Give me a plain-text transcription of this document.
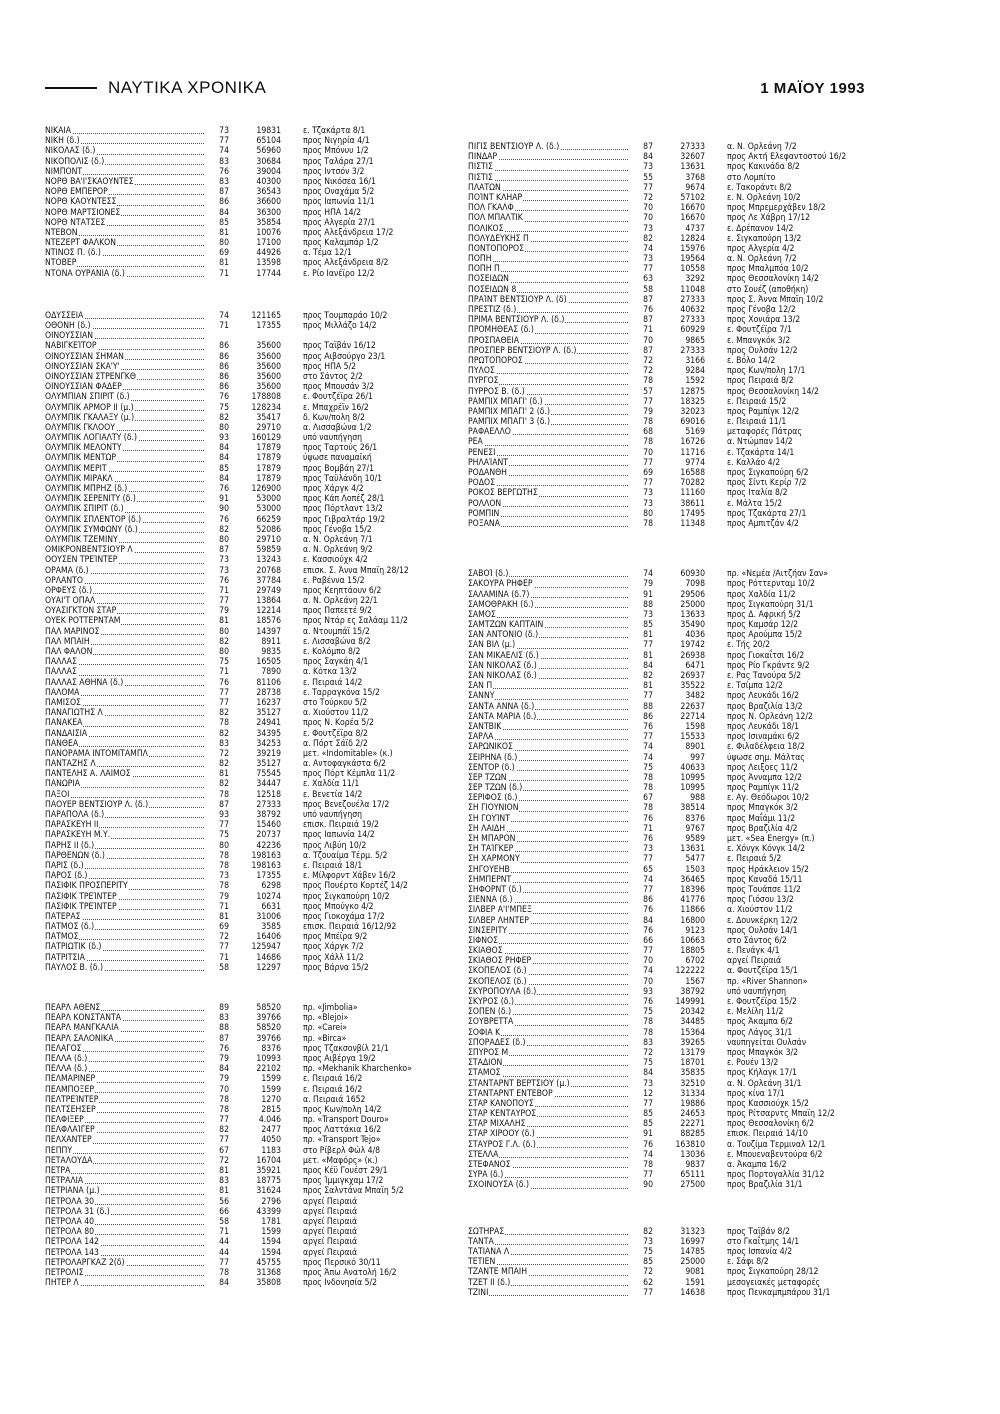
ΝΑΥΤΙΚΑ ΧΡΟΝΙΚΑ	1 ΜΑΪΟΥ 1993
ΝΙΚΑΙΑ	73	19831	ε. Τζακάρτα 8/1
ΝΙΚΗ (δ.)	77	65104	προς Νιγηρία 4/1
ΝΙΚΟΛΑΣ (δ.)	74	56960	προς Μπόνυυ 1/2
ΝΙΚΟΠΟΛΙΣ (δ.)	83	30684	προς Ταλάρα 27/1
ΝΙΜΠΟΝΤ	76	39004	προς Ιντσόν 3/2
ΝΟΡΘ ΒΑ'Ι'ΣΚΑΟΥΝΤΕΣ	83	40300	προς Νικόσεα 16/1
ΝΟΡΘ ΕΜΠΕΡΟΡ	87	36543	προς Οναχάμα 5/2
ΝΟΡΘ ΚΑΟΥΝΤΕΣΣ	86	36600	προς Ιαπωνία 11/1
ΝΟΡΘ ΜΑΡΤΣΙΟΝΕΣ	84	36300	προς ΗΠΑ 14/2
ΝΟΡΘ ΝΤΑΤΣΕΣ	85	35854	προς Αλγερία 27/1
ΝΤΕΒΟΝ	81	10076	προς Αλεξάνδρεια 17/2
ΝΤΕΖΕΡΤ ΦΑΛΚΟΝ	80	17100	προς Καλαμπάρ 1/2
ΝΤΙΝΟΣ Π. (δ.)	69	44926	α. Τέμα 12/1
ΝΤΟΒΕΡ	81	13598	προς Αλεξάνδρεια 8/2
ΝΤΟΝΑ ΟΥΡΑΝΙΑ (δ.)	71	17744	ε. Ρίο Ιανέϊρο 12/2
ΟΔΥΣΣΕΙΑ	74	121165	προς Τουμπαράο 10/2
ΟΘΟΝΗ (δ.)	71	17355	προς Μιλλάζο 14/2
ΟΙΝΟΥΣΣΙΑΝ
ΝΑΒΙΓΚΕΊΤΟΡ	86	35600	προς Ταϊβάν 16/12
ΟΙΝΟΥΣΣΙΑΝ ΣΗΜΑΝ	86	35600	προς Αιβσούργο 23/1
ΟΙΝΟΥΣΣΙΑΝ ΣΚΑ'Ϋ'	86	35600	προς ΗΠΑ 5/2
ΟΙΝΟΥΣΣΙΑΝ ΣΤΡΕΝΓΚΘ	86	35600	στο Σάντος 2/2
ΟΙΝΟΥΣΣΙΑΝ ΦΑΔΕΡ	86	35600	προς Μπουσάν 3/2
ΟΛΥΜΠΙΑΝ ΣΠΙΡΙΤ (δ.)	76	178808	ε. Φουτζέϊρα 26/1
ΟΛΥΜΠΙΚ ΑΡΜΟΡ ΙΙ (μ.)	75	128234	ε. Μπαχρέϊν 16/2
ΟΛΥΜΠΙΚ ΓΚΑΛΑΞΥ (μ.)	82	35417	δ. Κων/πολη 8/2
ΟΛΥΜΠΙΚ ΓΚΛΟΟΥ	80	29710	α. Λισσαβώνα 1/2
ΟΛΥΜΠΙΚ ΛΟΓΙΑΛΤΥ (δ.)	93	160129	υπό ναυπήγηση
ΟΛΥΜΠΙΚ ΜΕΛΟΝΤΥ	84	17879	προς Ταρτούς 26/1
ΟΛΥΜΠΙΚ ΜΕΝΤΩΡ	84	17879	ύψωσε παναμαϊκή
ΟΛΥΜΠΙΚ ΜΕΡΙΤ	85	17879	προς Βομβάη 27/1
ΟΛΥΜΠΙΚ ΜΙΡΑΚΛ	84	17879	προς Ταϋλάνδη 10/1
ΟΛΥΜΠΙΚ ΜΠΡΗΖ (δ.)	76	126900	προς Χάργκ 4/2
ΟΛΥΜΠΙΚ ΣΕΡΕΝΙΤΥ (δ.)	91	53000	προς Κάπ Λοπέζ 28/1
ΟΛΥΜΠΙΚ ΣΠΙΡΙΤ (δ.)	90	53000	προς Πόρτλαντ 13/2
ΟΛΥΜΠΙΚ ΣΠΛΕΝΤΟΡ (δ.)	76	66259	προς Γιβραλτάρ 19/2
ΟΛΥΜΠΙΚ ΣΥΜΦΩΝΥ (δ.)	82	52086	προς Γένοβα 15/2
ΟΛΥΜΠΙΚ ΤΖΕΜΙΝΥ	80	29710	α. Ν. Ορλεάνη 7/1
ΟΜΙΚΡΟΝΒΕΝΤΣΙΟΥΡ Λ	87	59859	α. Ν. Ορλεάνη 9/2
ΟΟΥΣΕΝ ΤΡΕΊΝΤΕΡ	73	13243	ε. Κασσιούχκ 4/2
ΟΡΑΜΑ (δ.)	73	20768	επισκ. Σ. Άννα Μπαϊη 28/12
ΟΡΛΑΝΤΟ	76	37784	ε. Ραβέννα 15/2
ΟΡΦΕΥΣ (δ.)	71	29749	προς Κεηπτάουν 6/2
ΟΥΑΙ'Τ ΟΠΑΛ	77	13864	α. Ν. Ορλεάνη 22/1
ΟΥΑΣΙΓΚΤΟΝ ΣΤΑΡ	79	12214	προς Παπεετέ 9/2
ΟΥΕΚ ΡΟΤΤΕΡΝΤΑΜ	81	18576	προς Ντάρ ες Σαλάαμ 11/2
ΠΑΛ ΜΑΡΙΝΟΣ	80	14397	α. Ντουμπάϊ 15/2
ΠΑΛ ΜΠΑΙΗ	82	8911	ε. Λισσαβώνα 8/2
ΠΑΛ ΦΑΛΟΝ	80	9835	ε. Κολόμπο 8/2
ΠΑΛΛΑΣ	75	16505	προς Σαγκάη 4/1
ΠΑΛΛΑΣ	71	7890	α. Κότκα 13/2
ΠΑΛΛΑΣ ΑΘΗΝΑ (δ.)	76	81106	ε. Πειραιά 14/2
ΠΑΛΟΜΑ	77	28738	ε. Ταρραγκόνα 15/2
ΠΑΜΙΣΟΣ	77	16237	στο Τούρκου 5/2
ΠΑΝΑΓΙΩΤΗΣ Λ	82	35127	α. Χιούστον 11/2
ΠΑΝΑΚΕΑ	78	24941	προς Ν. Κορέα 5/2
ΠΑΝΔΑΙΣΙΑ	82	34395	ε. Φουτζέϊρα 8/2
ΠΑΝΘΕΑ	83	34253	α. Πόρτ Σάϊδ 2/2
ΠΑΝΟΡΑΜΑ ΙΝΤΟΜΙΤΑΜΠΛ	72	39219	μετ. «Indomitable» (κ.)
ΠΑΝΤΑΖΗΣ Λ	82	35127	α. Αντοφαγκάστα 6/2
ΠΑΝΤΕΛΗΣ Α. ΛΑΙΜΟΣ	81	75545	προς Πόρτ Κέμπλα 11/2
ΠΑΝΩΡΙΑ	82	34447	ε. Χαλδία 11/1
ΠΑΞΟΙ	78	12518	ε. Βενετία 14/2
ΠΑΟΥΕΡ ΒΕΝΤΣΙΟΥΡ Λ. (δ.)	87	27333	προς Βενεζουέλα 17/2
ΠΑΡΑΠΟΛΑ (δ.)	93	38792	υπό ναυπήγηση
ΠΑΡΑΣΚΕΥΗ ΙΙ	77	15460	επισκ. Πειραιά 19/2
ΠΑΡΑΣΚΕΥΗ Μ.Υ.	75	20737	προς Ιαπωνία 14/2
ΠΑΡΗΣ ΙΙ (δ.)	80	42236	προς Λιβύη 10/2
ΠΑΡΘΕΝΩΝ (δ.)	78	198163	α. Τζουαίμα Τέρμ. 5/2
ΠΑΡΙΣ (δ.)	78	198163	ε. Πειραιά 18/1
ΠΑΡΟΣ (δ.)	73	17355	ε. Μίλφορντ Χάβεν 16/2
ΠΑΣΙΦΙΚ ΠΡΟΣΠΕΡΙΤΥ	78	6298	προς Πουέρτο Κορτέζ 14/2
ΠΑΣΙΦΙΚ ΤΡΕΊΝΤΕΡ	79	10274	προς Σιγκαπούρη 10/2
ΠΑΣΙΦΙΚ ΤΡΕΊΝΤΕΡ	71	6631	προς Μπούγκο 4/2
ΠΑΤΕΡΑΣ	81	31006	προς Γιοκοχάμα 17/2
ΠΑΤΜΟΣ (δ.)	69	3585	επισκ. Πειραιά 16/12/92
ΠΑΤΜΟΣ	72	16406	προς Μπέϊρα 9/2
ΠΑΤΡΙΩΤΙΚ (δ.)	77	125947	προς Χάργκ 7/2
ΠΑΤΡΙΤΣΙΑ	71	14686	προς Χάλλ 11/2
ΠΑΥΛΟΣ Β. (δ.)	58	12297	προς Βάρνα 15/2
ΠΕΑΡΛ ΑΘΕΝΣ	89	58520	πρ. «Jimbolia»
ΠΕΑΡΛ ΚΟΝΣΤΑΝΤΑ	83	39766	πρ. «Blejoi»
ΠΕΑΡΛ ΜΑΝΓΚΑΛΙΑ	88	58520	πρ. «Carei»
ΠΕΑΡΛ ΣΑΛΟΝΙΚΑ	87	39766	πρ. «Birca»
ΠΕΛΑΓΟΣ	76	8376	προς Τζακσονβίλ 21/1
ΠΕΛΛΑ (δ.)	79	10993	προς Αιβέργα 19/2
ΠΕΛΛΑ (δ.)	84	22102	πρ. «Mekhanik Kharchenko»
ΠΕΛΜΑΡΙΝΕΡ	79	1599	ε. Πειραιά 16/2
ΠΕΛΜΠΟΞΕΡ	70	1599	ε. Πειραιά 16/2
ΠΕΛΤΡΕΊΝΤΕΡ	78	1270	α. Πειραιά 1652
ΠΕΛΤΣΕΗΣΕΡ	78	2815	προς Κων/πολη 14/2
ΠΕΛΦΙΞΕΡ	77	4.046	πρ. «Transport Douro»
ΠΕΛΦΛΑΊΓΕΡ	82	2477	προς Λαττάκια 16/2
ΠΕΛΧΑΝΤΕΡ	77	4050	πρ. «Transport Tejo»
ΠΕΠΠΥ	67	1183	στο Ρίβερλ Φώλ 4/8
ΠΕΤΑΛΟΥΔΑ	72	16704	μετ. «Μαφόρς» (κ.)
ΠΕΤΡΑ	81	35921	προς Κέϋ Γουέστ 29/1
ΠΕΤΡΑΛΙΑ	83	18775	προς Ίμμιγκχαμ 17/2
ΠΕΤΡΙΑΝΑ (μ.)	81	31624	προς Σαλντάνα Μπαϊη 5/2
ΠΕΤΡΟΛΑ 30	56	2796	αργεί Πειραιά
ΠΕΤΡΟΛΑ 31 (δ.)	66	43399	αργεί Πειραιά
ΠΕΤΡΟΛΑ 40	58	1781	αργεί Πειραιά
ΠΕΤΡΟΛΑ 80	71	1599	αργεί Πειραιά
ΠΕΤΡΟΛΑ 142	44	1594	αργεί Πειραιά
ΠΕΤΡΟΛΑ 143	44	1594	αργεί Πειραιά
ΠΕΤΡΟΛΑΡΓΚΑΖ 2(δ)	77	45755	προς Περσικό 30/11
ΠΕΤΡΟΛΙΣ	78	31368	προς Άπω Ανατολή 16/2
ΠΗΤΕΡ Λ	84	35808	προς Ινδονησία 5/2
ΠΙΓΙΣ ΒΕΝΤΣΙΟΥΡ Λ. (δ.)	87	27333	α. Ν. Ορλεάνη 7/2
ΠΙΝΔΑΡ	84	32607	προς Ακτή Ελεφαντοστού 16/2
ΠΙΣΤΙΣ	73	13631	προς Κακινάδα 8/2
ΠΙΣΤΙΣ	55	3768	στο Λομπίτο
ΠΛΑΤΩΝ	77	9674	ε. Τακοράντι 8/2
ΠΟΊΝΤ ΚΛΗΑΡ	72	57102	ε. Ν. Ορλεάνη 10/2
ΠΟΛ ΓΚΑΛΦ	70	16670	προς Μπρεμερχάβεν 18/2
ΠΟΛ ΜΠΑΛΤΙΚ	70	16670	προς Λε Χάβρη 17/12
ΠΟΛΙΚΟΣ	73	4737	ε. Δρέπανον 14/2
ΠΟΛΥΔΕΥΚΗΣ Π	82	12824	ε. Σιγκαπούρη 13/2
ΠΟΝΤΟΠΟΡΟΣ	74	15976	προς Αλγερία 4/2
ΠΟΠΗ	73	19564	α. Ν. Ορλεάνη 7/2
ΠΟΠΗ Π	77	10558	προς Μπαλμπόα 10/2
ΠΟΣΕΙΔΩΝ	63	3292	προς Θεσσαλονίκη 14/2
ΠΟΣΕΙΔΩΝ 8	58	11048	στο Σουέζ (αποθήκη)
ΠΡΑΊΝΤ ΒΕΝΤΣΙΟΥΡ Λ. (δ)	87	27333	προς Σ. Άννα Μπαϊη 10/2
ΠΡΕΣΤΙΖ (δ.)	76	40632	προς Γένοβα 12/2
ΠΡΙΜΑ ΒΕΝΤΣΙΟΥΡ Λ. (δ.)	87	27333	προς Χονιάρα 13/2
ΠΡΟΜΗΘΕΑΣ (δ.)	71	60929	ε. Φουτζέϊρα 7/1
ΠΡΟΣΠΑΘΕΙΑ	70	9865	ε. Μπανγκόκ 3/2
ΠΡΟΣΠΕΡ ΒΕΝΤΣΙΟΥΡ Λ. (δ.)	87	27333	προς Ουλσάν 12/2
ΠΡΩΤΟΠΟΡΟΣ	72	3166	ε. Βόλο 14/2
ΠΥΛΟΣ	72	9284	προς Κων/πολη 17/1
ΠΥΡΓΟΣ	78	1592	προς Πειραιά 8/2
ΠΥΡΡΟΣ Β. (δ.)	57	12875	προς Θεσσαλονίκη 14/2
ΡΑΜΠΙΧ ΜΠΑΓΙ' (δ.)	77	18325	ε. Πειραιά 15/2
ΡΑΜΠΙΧ ΜΠΑΓΙ' 2 (δ.)	79	32023	προς Ραμπίγκ 12/2
ΡΑΜΠΙΧ ΜΠΑΓΙ' 3 (δ.)	78	69016	ε. Πειραιά 11/1
ΡΑΦΑΕΛΛΟ	68	5169	μεταφορές Πάτρας
ΡΕΑ	78	16726	α. Ντώμπαν 14/2
ΡΕΝΕΣΙ	70	11716	ε. Τζακάρτα 14/1
ΡΗΛΑΊΑΝΤ	77	9774	ε. Καλλάο 4/2
ΡΟΔΑΝΘΗ	69	16588	προς Σιγκαπούρη 6/2
ΡΟΔΟΣ	77	70282	προς Σίντι Κερίρ 7/2
ΡΟΚΟΣ ΒΕΡΓΩΤΗΣ	73	11160	προς Ιταλία 8/2
ΡΟΛΛΟΝ	73	38611	ε. Μάλτα 15/2
ΡΟΜΠΙΝ	80	17495	προς Τζακάρτα 27/1
ΡΟΞΑΝΑ	78	11348	προς Αμπιτζάν 4/2
ΣΑΒΟΊ (δ.)	74	60930	πρ. «Νεμέα /Αιτζήαν Σαν»
ΣΑΚΟΥΡΑ ΡΗΦΕΡ	79	7098	προς Ρόττερνταμ 10/2
ΣΑΛΑΜΙΝΑ (δ.7)	91	29506	προς Χαλδία 11/2
ΣΑΜΟΘΡΑΚΗ (δ.)	88	25000	προς Σιγκαπούρη 31/1
ΣΑΜΟΣ	73	13633	προς Δ. Αφρική 5/2
ΣΑΜΤΖΩΝ ΚΑΠΤΑΙΝ	85	35490	προς Καμσάρ 12/2
ΣΑΝ ΑΝΤΟΝΙΟ (δ.)	81	4036	προς Αρούμπα 15/2
ΣΑΝ ΒΙΛ (μ.)	77	19742	ε. Τής 20/2
ΣΑΝ ΜΙΚΑΕΛΙΣ (δ.)	81	26938	προς Γιοκαΐτσι 16/2
ΣΑΝ ΝΙΚΟΛΑΣ (δ.)	84	6471	προς Ρίο Γκράντε 9/2
ΣΑΝ ΝΙΚΟΛΑΣ (δ.)	82	26937	ε. Ρας Τανούρα 5/2
ΣΑΝ Π	81	35522	ε. Τσίμπα 12/2
ΣΑΝΝΥ	77	3482	προς Λευκάδι 16/2
ΣΑΝΤΑ ΑΝΝΑ (δ.)	88	22637	προς Βραζιλία 13/2
ΣΑΝΤΑ ΜΑΡΙΑ (δ.)	86	22714	προς Ν. Ορλεάνη 12/2
ΣΑΝΤΒΙΚ	76	1598	προς Λευκάδι 18/1
ΣΑΡΛΑ	77	15533	προς Ισιναμάκι 6/2
ΣΑΡΩΝΙΚΟΣ	74	8901	ε. Φιλαδέλφεια 18/2
ΣΕΙΡΗΝΑ (δ.)	74	997	ύψωσε σημ. Μάλτας
ΣΕΝΤΟΡ (δ.)	75	40633	προς Λειξοες 11/2
ΣΕΡ ΤΖΩΝ	78	10995	προς Άνναμπα 12/2
ΣΕΡ ΤΖΩΝ (δ.)	78	10995	προς Ραμπίγκ 11/2
ΣΕΡΙΦΟΣ (δ.)	67	988	ε. Αγ. Θεόδωροι 10/2
ΣΗ ΓΙΟΥΝΙΟΝ	78	38514	προς Μπαγκόκ 3/2
ΣΗ ΓΟΥΊΝΤ	76	8376	προς Μαΐάμι 11/2
ΣΗ ΛΑΙΔΗ	71	9767	προς Βραζιλία 4/2
ΣΗ ΜΠΑΡΟΝ	76	9589	μετ. «Sea Energy» (π.)
ΣΗ ΤΑΊΓΚΕΡ	73	13631	ε. Χόνγκ Κόνγκ 14/2
ΣΗ ΧΑΡΜΟΝΥ	77	5477	ε. Πειραιά 5/2
ΣΗΓΟΥΕΗΒ	65	1503	προς Ηράκλειον 15/2
ΣΗΜΠΕΡΝΤ	74	36465	προς Καναδά 15/11
ΣΗΦΟΡΝΤ (δ.)	77	18396	προς Τουάπσε 11/2
ΣΙΕΝΝΑ (δ.)	86	41776	προς Γιόσου 13/2
ΣΙΛΒΕΡ Α'Ι'ΜΠΕΞ	76	11866	α. Χιούστον 11/2
ΣΙΛΒΕΡ ΛΗΝΤΕΡ	84	16800	ε. Δουνκέρκη 12/2
ΣΙΝΣΕΡΙΤΥ	76	9123	προς Ουλσάν 14/1
ΣΙΦΝΟΣ	66	10663	στο Σάντος 6/2
ΣΚΙΑΘΟΣ	77	18805	ε. Πενάγκ 4/1
ΣΚΙΑΘΟΣ ΡΗΦΕΡ	70	6702	αργεί Πειραιά
ΣΚΟΠΕΛΟΣ (δ.)	74	122222	α. Φουτζέϊρα 15/1
ΣΚΟΠΕΛΟΣ (δ.)	70	1567	πρ. «River Shannon»
ΣΚΥΡΟΠΟΥΛΑ (δ.)	93	38792	υπό ναυπήγηση
ΣΚΥΡΟΣ (δ.)	76	149991	ε. Φουτζέϊρα 15/2
ΣΟΠΕΝ (δ.)	75	20342	ε. Μελίλη 11/2
ΣΟΥΒΡΕΤΤΑ	78	34485	προς Άκαμπα 6/2
ΣΟΦΙΑ Κ	78	15364	προς Λάγος 31/1
ΣΠΟΡΑΔΕΣ (δ.)	83	39265	ναυπηγείται Ουλσάν
ΣΠΥΡΟΣ Μ	72	13179	προς Μπαγκόκ 3/2
ΣΤΑΔΙΟΝ	75	18701	ε. Ρουέν 13/2
ΣΤΑΜΟΣ	84	35835	προς Κήλαγκ 17/1
ΣΤΑΝΤΑΡΝΤ ΒΕΡΤΣΙΟΥ (μ.)	73	32510	α. Ν. Ορλεάνη 31/1
ΣΤΑΝΤΑΡΝΤ ΕΝΤΕΒΟΡ	12	31334	προς κίνα 17/1
ΣΤΑΡ ΚΑΝΟΠΟΥΣ	77	19886	προς Κασσιούχκ 15/2
ΣΤΑΡ ΚΕΝΤΑΥΡΟΣ	85	24653	προς Ρίτσαρντς Μπαϊη 12/2
ΣΤΑΡ ΜΙΧΑΛΗΣ	85	22271	προς Θεσσαλονίκη 6/2
ΣΤΑΡ ΧΙΡΟΟΥ (δ.)	91	88285	επισκ. Πειραιά 14/10
ΣΤΑΥΡΟΣ Γ.Λ. (δ.)	76	163810	α. Τουζίμα Τερμιναλ 12/1
ΣΤΕΛΛΑ	74	13036	ε. Μπουεναβεντούρα 6/2
ΣΤΕΦΑΝΟΣ	78	9837	α. Άκαμπα 16/2
ΣΥΡΑ (δ.)	77	65111	προς Πορτογαλλία 31/12
ΣΧΟΙΝΟΥΣΑ (δ.)	90	27500	προς Βραζιλία 31/1
ΣΩΤΗΡΑΣ	82	31323	προς Ταϊβάν 8/2
ΤΑΝΤΑ	73	16997	στο Γκαΐτμης 14/1
ΤΑΤΙΑΝΑ Λ	75	14785	προς Ισπανία 4/2
ΤΕΤΙΕΝ	85	25000	ε. Σάφι 8/2
ΤΖΑΝΤΕ ΜΠΑΙΗ	72	9081	προς Σιγκαπούρη 28/12
ΤΖΕΤ ΙΙ (δ.)	62	1591	μεσογειακές μεταφορές
ΤΖΙΝΙ	77	14638	προς Πενκαμπμπάρου 31/1
